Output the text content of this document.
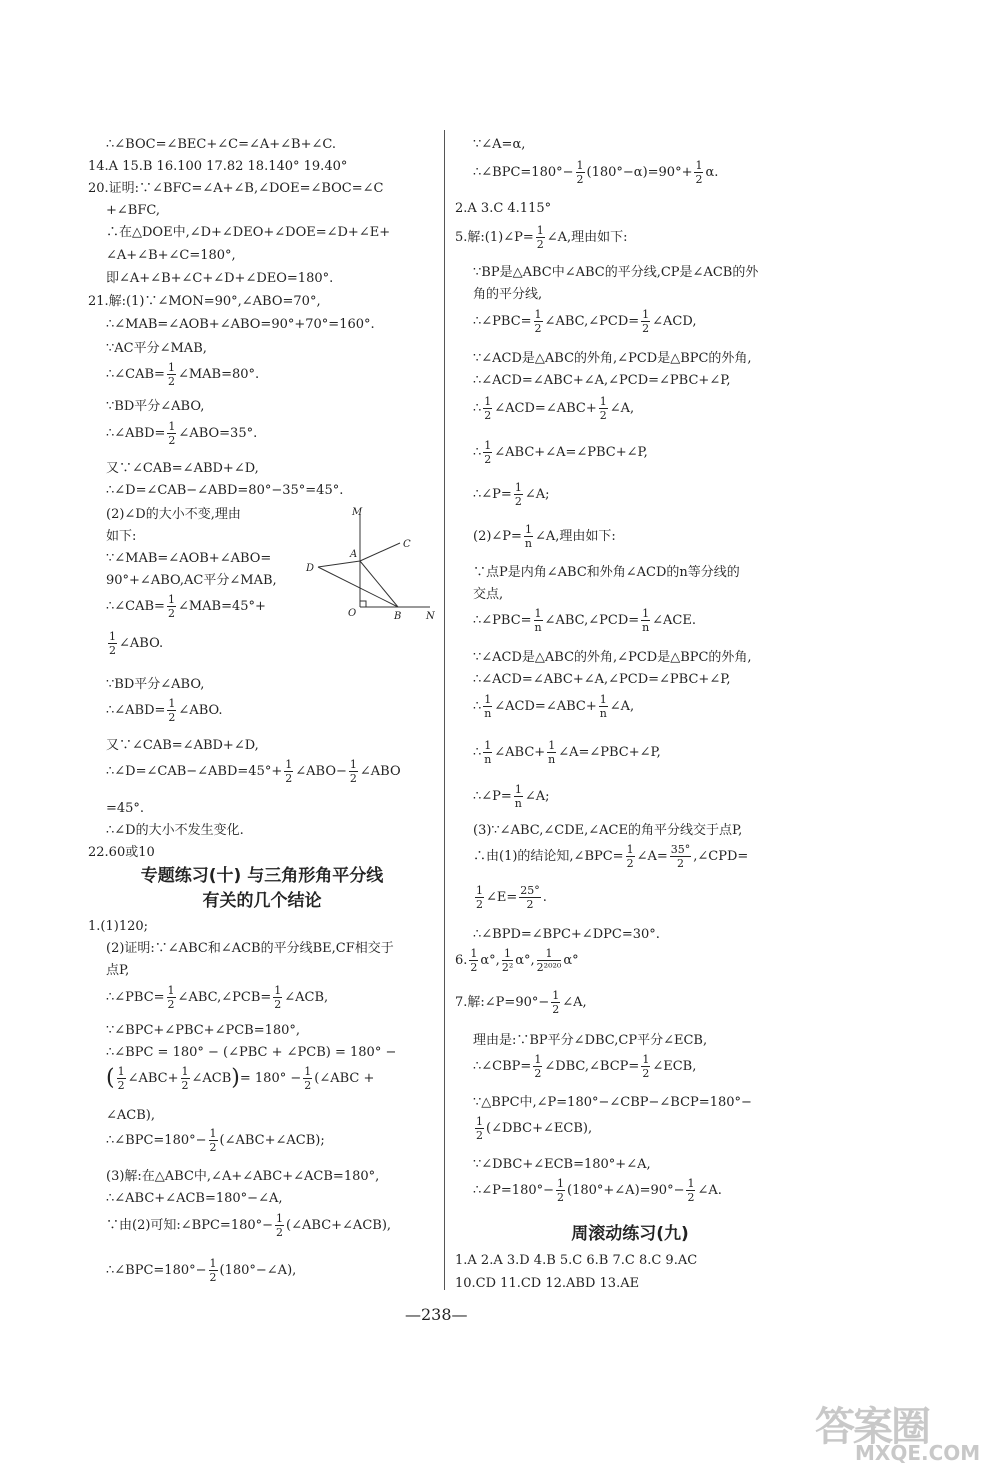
∴∠BOC=∠BEC+∠C=∠A+∠B+∠C.
14.A 15.B 16.100 17.82 18.140° 19.40°
20.证明:∵∠BFC=∠A+∠B,∠DOE=∠BOC=∠C
+∠BFC,
∴在△DOE中,∠D+∠DEO+∠DOE=∠D+∠E+
∠A+∠B+∠C=180°,
即∠A+∠B+∠C+∠D+∠DEO=180°.
21.解:(1)∵∠MON=90°,∠ABO=70°,
∴∠MAB=∠AOB+∠ABO=90°+70°=160°.
∵AC平分∠MAB,
∴∠CAB= $\frac{1}{2}$ ∠MAB=80°.
∵BD平分∠ABO,
∴∠ABD= $\frac{1}{2}$ ∠ABO=35°.
又∵∠CAB=∠ABD+∠D,
∴∠D=∠CAB−∠ABD=80°−35°=45°.
(2)∠D的大小不变,理由
如下:
∵∠MAB=∠AOB+∠ABO=
90°+∠ABO,AC平分∠MAB,
∴∠CAB= $\frac{1}{2}$ ∠MAB=45°+
$\frac{1}{2}$ ∠ABO.
∵BD平分∠ABO,
∴∠ABD= $\frac{1}{2}$ ∠ABO.
又∵∠CAB=∠ABD+∠D,
∴∠D=∠CAB−∠ABD=45°+ $\frac{1}{2}$ ∠ABO− $\frac{1}{2}$ ∠ABO
=45°.
∴∠D的大小不发生变化.
22.60或10
专题练习(十) 与三角形角平分线
有关的几个结论
1.(1)120;
(2)证明:∵∠ABC和∠ACB的平分线BE,CF相交于
点P,
∴∠PBC= $\frac{1}{2}$ ∠ABC,∠PCB= $\frac{1}{2}$ ∠ACB,
∵∠BPC+∠PBC+∠PCB=180°,
∴∠BPC = 180° − (∠PBC + ∠PCB) = 180° −
( $\frac{1}{2}$ ∠ABC+ $\frac{1}{2}$ ∠ACB)= $180^\circ - \frac{1}{2}$ (∠ABC +
∠ACB),
∴∠BPC=180°− $\frac{1}{2}$ (∠ABC+∠ACB);
(3)解:在△ABC中,∠A+∠ABC+∠ACB=180°,
∴∠ABC+∠ACB=180°−∠A,
∵由(2)可知:∠BPC=180°− $\frac{1}{2}$ (∠ABC+∠ACB),
∴∠BPC=180°− $\frac{1}{2}$ (180°−∠A),
M
A
C
D
O	B N
∵∠A=α,
∴∠BPC=180°− $\frac{1}{2} (180^\circ-\alpha)=90^\circ+ \frac{1}{2} \alpha$.
2.A 3.C 4.115°
5.解:(1)∠P= $\frac{1}{2}$ ∠A,理由如下:
∵BP是△ABC中∠ABC的平分线,CP是∠ACB的外
角的平分线,
∴∠PBC= $\frac{1}{2}$ ∠ABC,∠PCD= $\frac{1}{2}$ ∠ACD,
∵∠ACD是△ABC的外角,∠PCD是△BPC的外角,
∴∠ACD=∠ABC+∠A,∠PCD=∠PBC+∠P,
∴ $\frac{1}{2}$ ∠ACD=∠ABC+ $\frac{1}{2}$ ∠A,
∴ $\frac{1}{2}$ ∠ABC+∠A=∠PBC+∠P,
∴∠P= $\frac{1}{2}$ ∠A;
(2)∠P= $\frac{1}{n}$ ∠A,理由如下:
∵点P是内角∠ABC和外角∠ACD的n等分线的
交点,
∴∠PBC= $\frac{1}{n}$ ∠ABC,∠PCD= $\frac{1}{n}$ ∠ACE.
∵∠ACD是△ABC的外角,∠PCD是△BPC的外角,
∴∠ACD=∠ABC+∠A,∠PCD=∠PBC+∠P,
∴ $\frac{1}{n}$ ∠ACD=∠ABC+ $\frac{1}{n}$ ∠A,
∴ $\frac{1}{n}$ ∠ABC+ $\frac{1}{n}$ ∠A=∠PBC+∠P,
∴∠P= $\frac{1}{n}$ ∠A;
(3)∵∠ABC,∠CDE,∠ACE的角平分线交于点P,
∴由(1)的结论知,∠BPC= $\frac{1}{2}$ ∠A= $\frac{35^\circ}{2}$ ,∠CPD=
$\frac{1}{2}$ ∠E= $\frac{25^\circ}{2}$ .
∴∠BPD=∠BPC+∠DPC=30°.
6. $\frac{1}{2} \alpha^\circ$, $\frac{1}{\text{2²}} \alpha^\circ$, $\frac{1}{\text{2²⁰²⁰}} \alpha^\circ$
7.解:∠P=90°− $\frac{1}{2}$ ∠A,
理由是:∵BP平分∠DBC,CP平分∠ECB,
∴∠CBP= $\frac{1}{2}$ ∠DBC,∠BCP= $\frac{1}{2}$ ∠ECB,
∵△BPC中,∠P=180°−∠CBP−∠BCP=180°−
$\frac{1}{2}$ (∠DBC+∠ECB),
∵∠DBC+∠ECB=180°+∠A,
∴∠P=180°− $\frac{1}{2}$ (180°+∠A)=90°− $\frac{1}{2}$ ∠A.
周滚动练习(九)
1.A 2.A 3.D 4.B 5.C 6.B 7.C 8.C 9.AC
10.CD 11.CD 12.ABD 13.AE
—238—
答案圈
MXQE.COM
